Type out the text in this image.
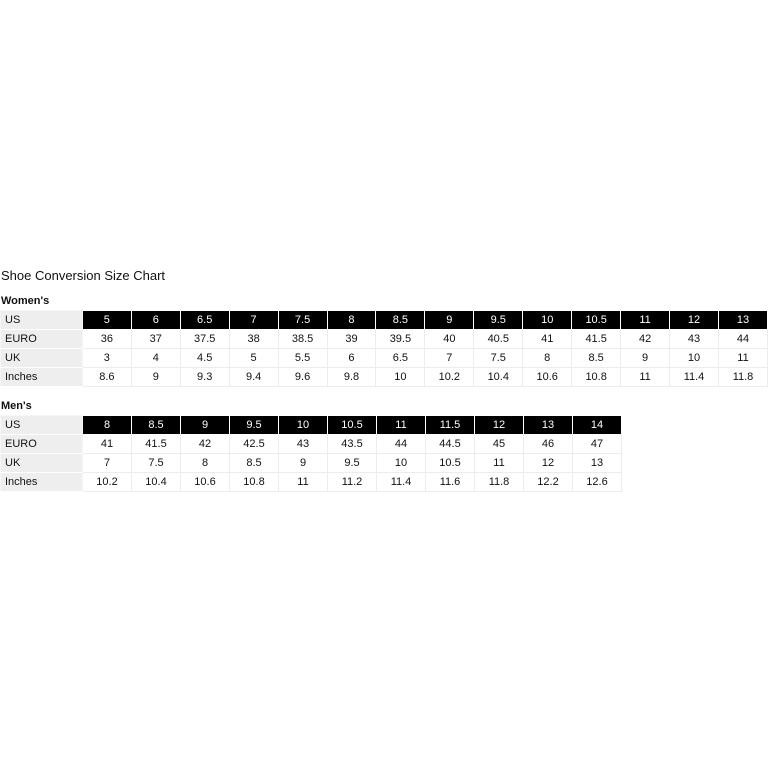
Shoe Conversion Size Chart
Women's
US	5	6	6.5	7	7.5	8	8.5	9	9.5	10	10.5	11	12	13
EURO	36	37	37.5	38	38.5	39	39.5	40	40.5	41	41.5	42	43	44
UK	3	4	4.5	5	5.5	6	6.5	7	7.5	8	8.5	9	10	11
Inches	8.6	9	9.3	9.4	9.6	9.8	10	10.2	10.4	10.6	10.8	11	11.4	11.8
Men's
US	8	8.5	9	9.5	10	10.5	11	11.5	12	13	14
EURO	41	41.5	42	42.5	43	43.5	44	44.5	45	46	47
UK	7	7.5	8	8.5	9	9.5	10	10.5	11	12	13
Inches	10.2	10.4	10.6	10.8	11	11.2	11.4	11.6	11.8	12.2	12.6
